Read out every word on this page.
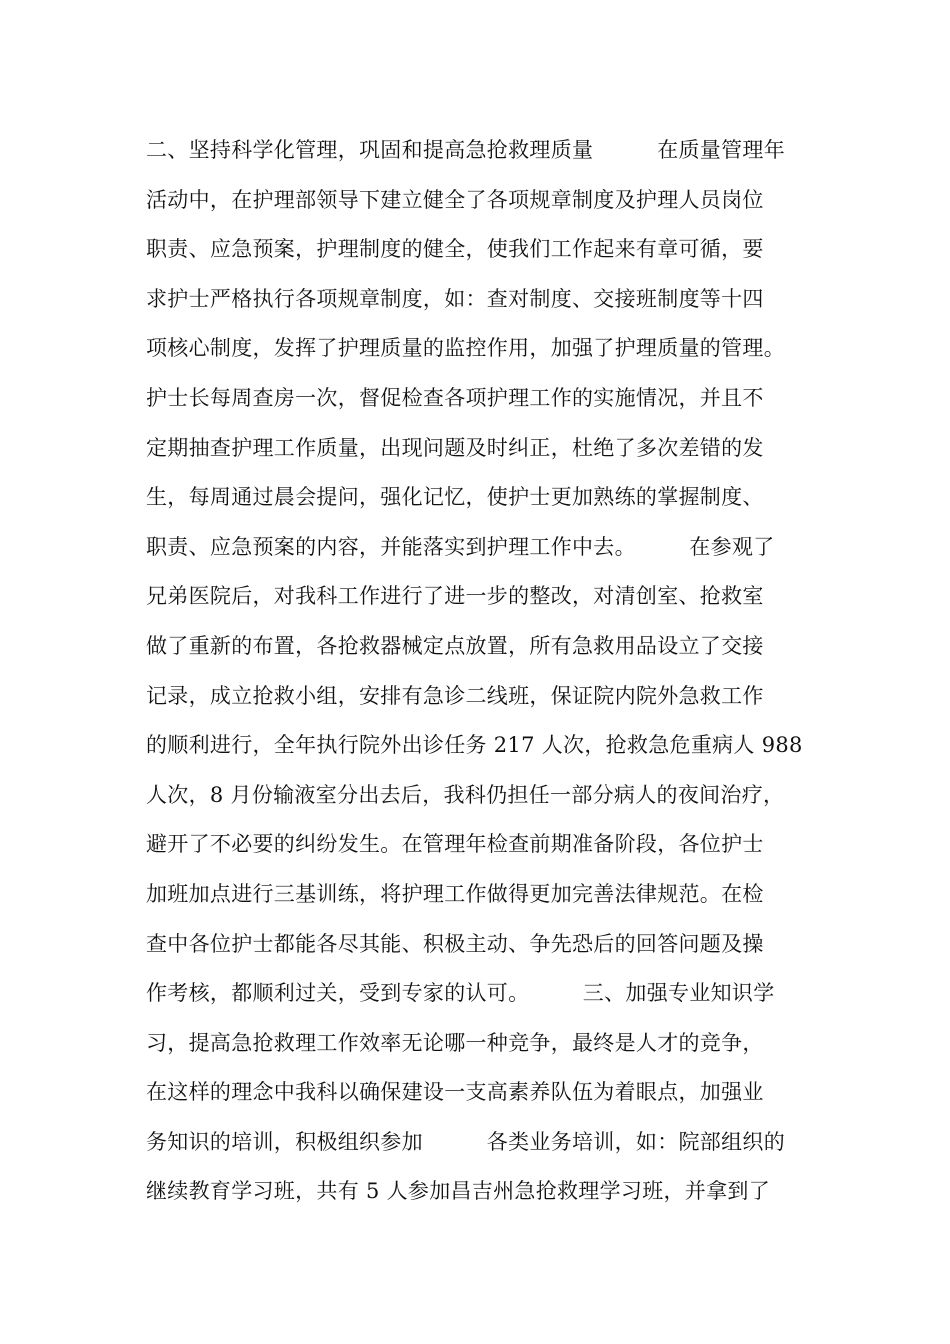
二、坚持科学化管理，巩固和提高急抢救理质量　　　在质量管理年
活动中，在护理部领导下建立健全了各项规章制度及护理人员岗位
职责、应急预案，护理制度的健全，使我们工作起来有章可循，要
求护士严格执行各项规章制度，如：查对制度、交接班制度等十四
项核心制度，发挥了护理质量的监控作用，加强了护理质量的管理。
护士长每周查房一次，督促检查各项护理工作的实施情况，并且不
定期抽查护理工作质量，出现问题及时纠正，杜绝了多次差错的发
生，每周通过晨会提问，强化记忆，使护士更加熟练的掌握制度、
职责、应急预案的内容，并能落实到护理工作中去。　　　在参观了
兄弟医院后，对我科工作进行了进一步的整改，对清创室、抢救室
做了重新的布置，各抢救器械定点放置，所有急救用品设立了交接
记录，成立抢救小组，安排有急诊二线班，保证院内院外急救工作
的顺利进行，全年执行院外出诊任务 217 人次，抢救急危重病人 988
人次，8 月份输液室分出去后，我科仍担任一部分病人的夜间治疗，
避开了不必要的纠纷发生。在管理年检查前期准备阶段，各位护士
加班加点进行三基训练，将护理工作做得更加完善法律规范。在检
查中各位护士都能各尽其能、积极主动、争先恐后的回答问题及操
作考核，都顺利过关，受到专家的认可。　　　三、加强专业知识学
习，提高急抢救理工作效率无论哪一种竞争，最终是人才的竞争，
在这样的理念中我科以确保建设一支高素养队伍为着眼点，加强业
务知识的培训，积极组织参加　　　各类业务培训，如：院部组织的
继续教育学习班，共有 5 人参加昌吉州急抢救理学习班，并拿到了
